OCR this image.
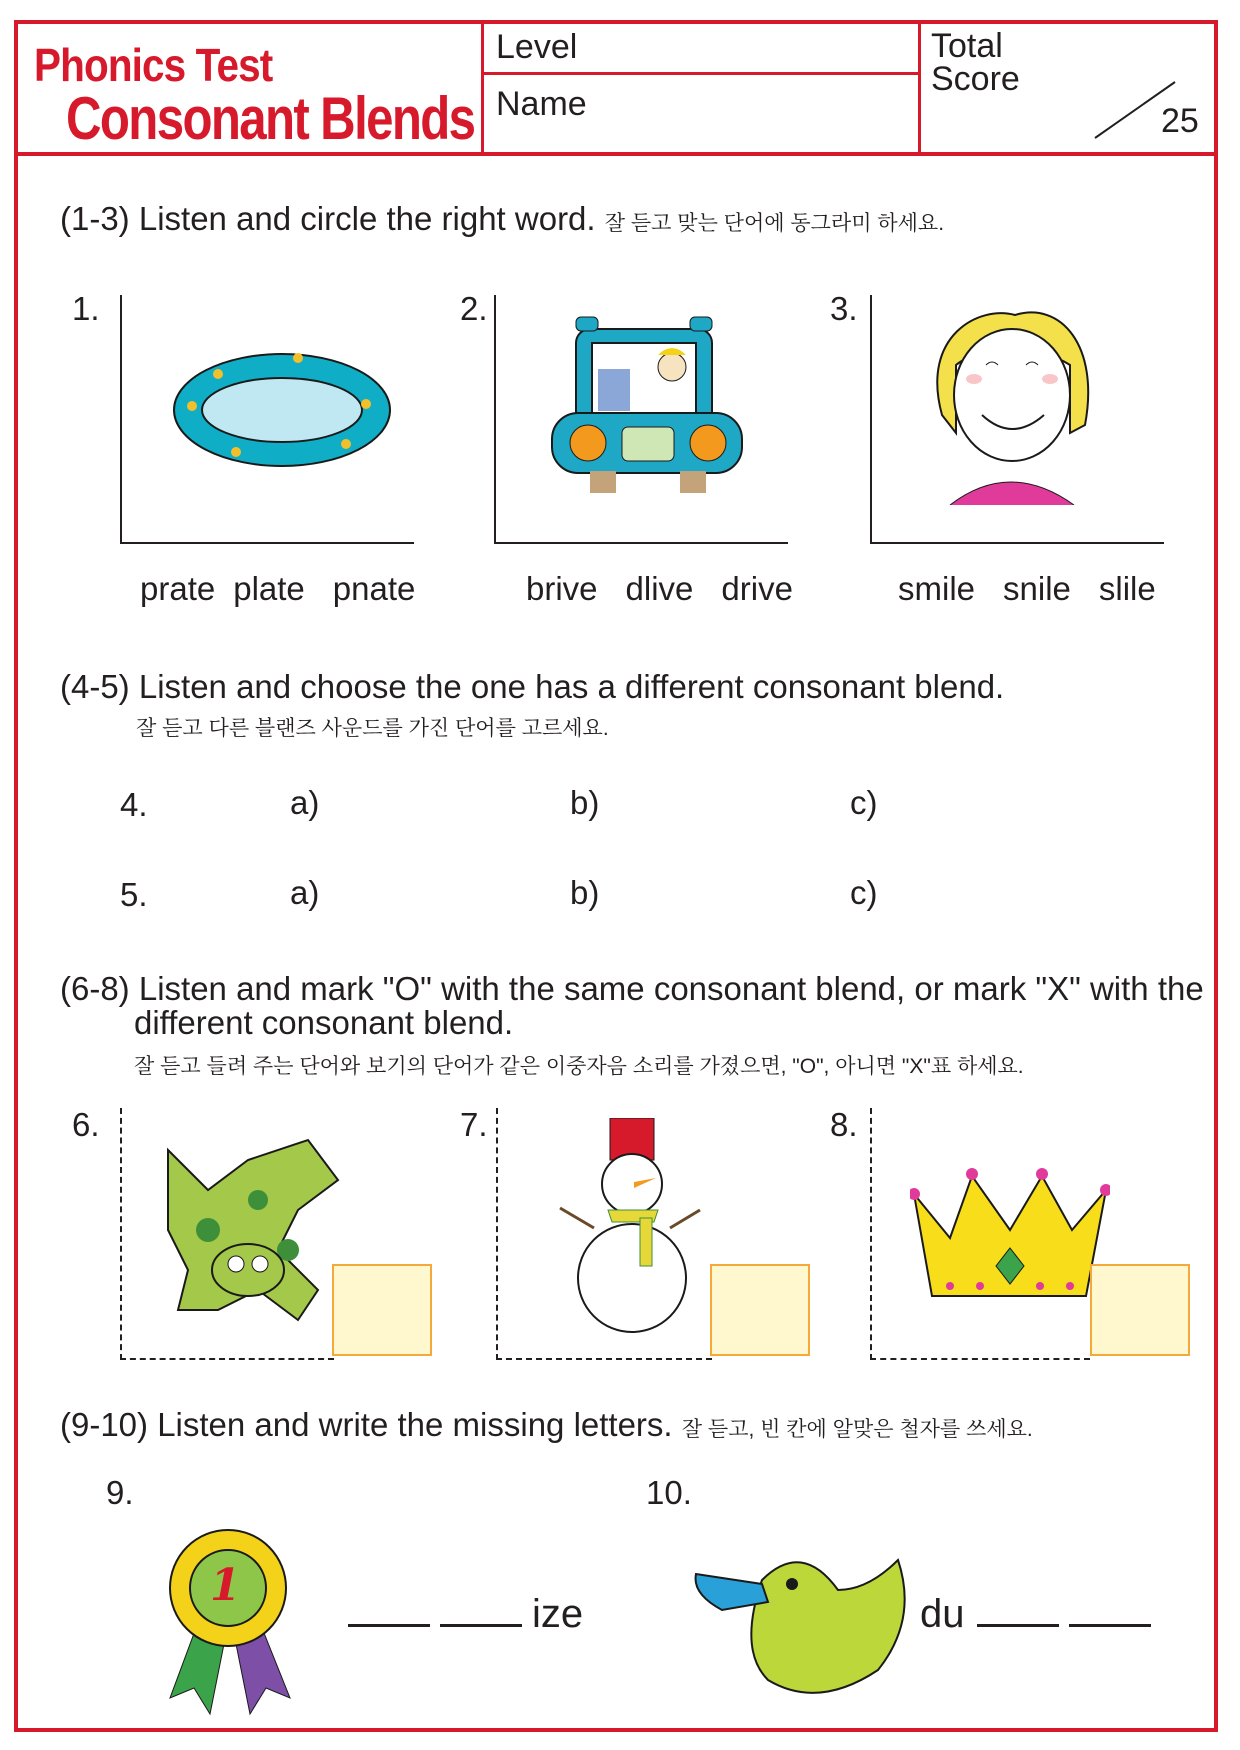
Phonics Test
Consonant Blends
Level
Name
Total
Score
25
(1-3) Listen and circle the right word. 잘 듣고 맞는 단어에 동그라미 하세요.
1.
prate plate pnate
2.
brive dlive drive
3.
smile snile slile
(4-5) Listen and choose the one has a different consonant blend.
잘 듣고 다른 블랜즈 사운드를 가진 단어를 고르세요.
4.	a)	b)	c)
5.	a)	b)	c)
(6-8) Listen and mark "O" with the same consonant blend, or mark "X" with the
different consonant blend.
잘 듣고 들려 주는 단어와 보기의 단어가 같은 이중자음 소리를 가졌으면, "O", 아니면 "X"표 하세요.
6.	7.	8.
(9-10) Listen and write the missing letters. 잘 듣고, 빈 칸에 알맞은 철자를 쓰세요.
9.
1
ize
10.
du
